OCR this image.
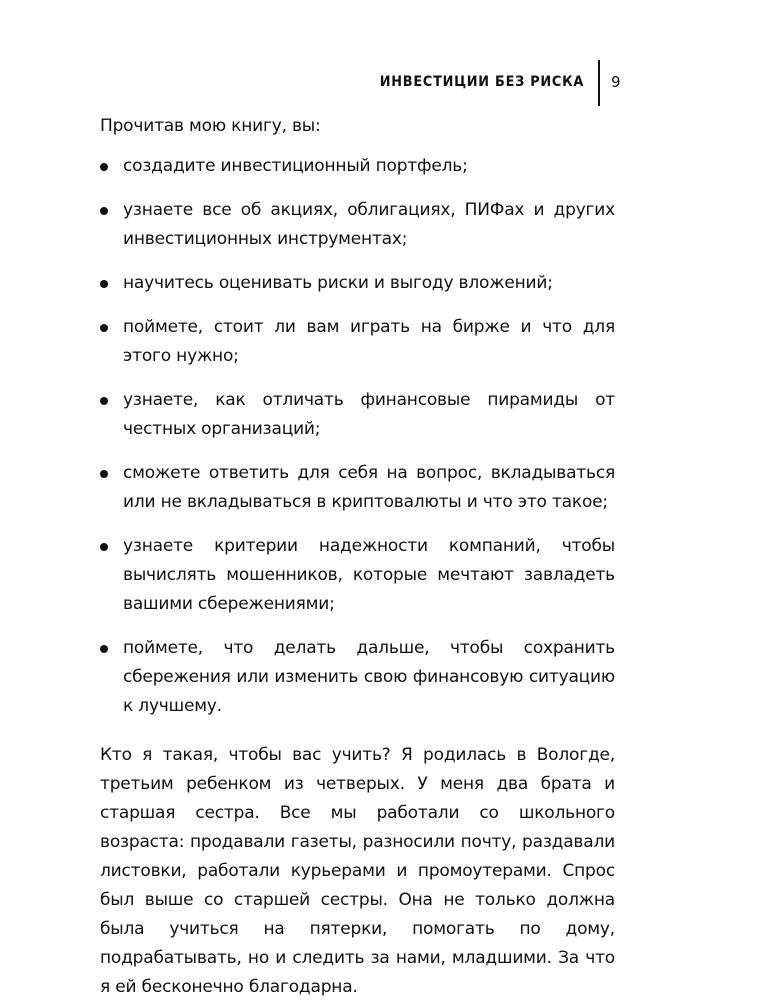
ИНВЕСТИЦИИ БЕЗ РИСКА 9

Прочитав мою книгу, вы:

создадите инвестиционный портфель;
узнаете все об акциях, облигациях, ПИФах и других инвестиционных инструментах;
научитесь оценивать риски и выгоду вложений;
поймете, стоит ли вам играть на бирже и что для этого нужно;
узнаете, как отличать финансовые пирамиды от честных организаций;
сможете ответить для себя на вопрос, вкладываться или не вкладываться в криптовалюты и что это такое;
узнаете критерии надежности компаний, чтобы вычислять мошенников, которые мечтают завладеть вашими сбережениями;
поймете, что делать дальше, чтобы сохранить сбережения или изменить свою финансовую ситуацию к лучшему.

Кто я такая, чтобы вас учить? Я родилась в Вологде, третьим ребенком из четверых. У меня два брата и старшая сестра. Все мы работали со школьного возраста: продавали газеты, разносили почту, раздавали листовки, работали курьерами и промоутерами. Спрос был выше со старшей сестры. Она не только должна была учиться на пятерки, помогать по дому, подрабатывать, но и следить за нами, младшими. За что я ей бесконечно благодарна.
